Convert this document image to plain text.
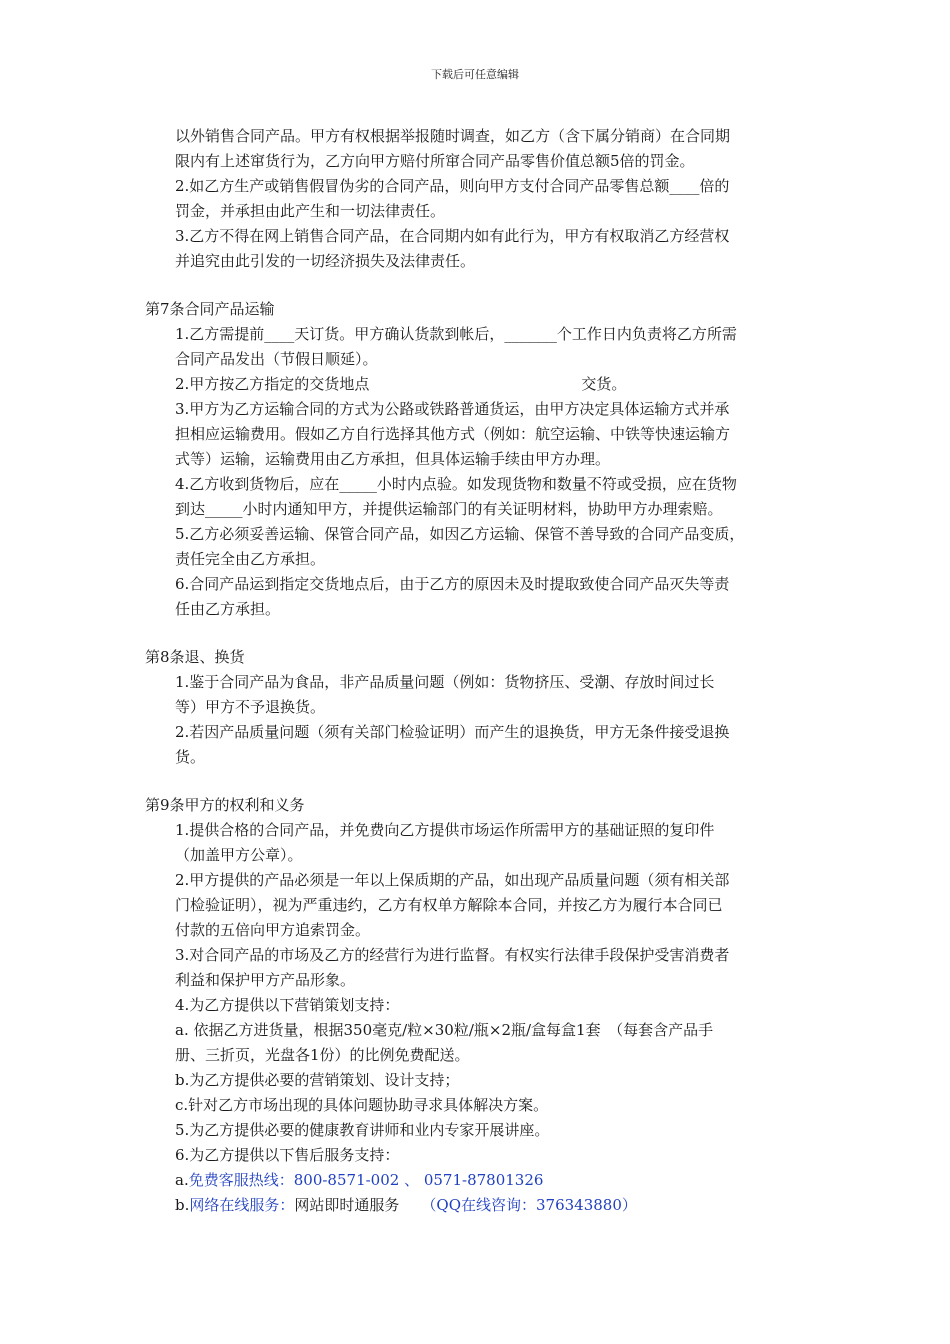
下载后可任意编辑

以外销售合同产品。甲方有权根据举报随时调查，如乙方（含下属分销商）在合同期

限内有上述窜货行为，乙方向甲方赔付所窜合同产品零售价值总额5倍的罚金。

2.如乙方生产或销售假冒伪劣的合同产品，则向甲方支付合同产品零售总额____倍的

罚金，并承担由此产生和一切法律责任。

3.乙方不得在网上销售合同产品，在合同期内如有此行为，甲方有权取消乙方经营权

并追究由此引发的一切经济损失及法律责任。

第7条合同产品运输

1.乙方需提前____天订货。甲方确认货款到帐后，_______个工作日内负责将乙方所需

合同产品发出（节假日顺延）。

2.甲方按乙方指定的交货地点	交货。

3.甲方为乙方运输合同的方式为公路或铁路普通货运，由甲方决定具体运输方式并承

担相应运输费用。假如乙方自行选择其他方式（例如：航空运输、中铁等快速运输方

式等）运输，运输费用由乙方承担，但具体运输手续由甲方办理。

4.乙方收到货物后，应在_____小时内点验。如发现货物和数量不符或受损，应在货物

到达_____小时内通知甲方，并提供运输部门的有关证明材料，协助甲方办理索赔。

5.乙方必须妥善运输、保管合同产品，如因乙方运输、保管不善导致的合同产品变质，

责任完全由乙方承担。

6.合同产品运到指定交货地点后，由于乙方的原因未及时提取致使合同产品灭失等责

任由乙方承担。

第8条退、换货

1.鉴于合同产品为食品，非产品质量问题（例如：货物挤压、受潮、存放时间过长

等）甲方不予退换货。

2.若因产品质量问题（须有关部门检验证明）而产生的退换货，甲方无条件接受退换

货。

第9条甲方的权利和义务

1.提供合格的合同产品，并免费向乙方提供市场运作所需甲方的基础证照的复印件

（加盖甲方公章）。

2.甲方提供的产品必须是一年以上保质期的产品，如出现产品质量问题（须有相关部

门检验证明），视为严重违约，乙方有权单方解除本合同，并按乙方为履行本合同已

付款的五倍向甲方追索罚金。

3.对合同产品的市场及乙方的经营行为进行监督。有权实行法律手段保护受害消费者

利益和保护甲方产品形象。

4.为乙方提供以下营销策划支持：

a. 依据乙方进货量，根据350毫克/粒×30粒/瓶×2瓶/盒每盒1套　（每套含产品手

册、三折页，光盘各1份）的比例免费配送。

b.为乙方提供必要的营销策划、设计支持；

c.针对乙方市场出现的具体问题协助寻求具体解决方案。

5.为乙方提供必要的健康教育讲师和业内专家开展讲座。

6.为乙方提供以下售后服务支持：

a.免费客服热线：800-8571-002 、 0571-87801326

b.网络在线服务：网站即时通服务 （QQ在线咨询：376343880）
